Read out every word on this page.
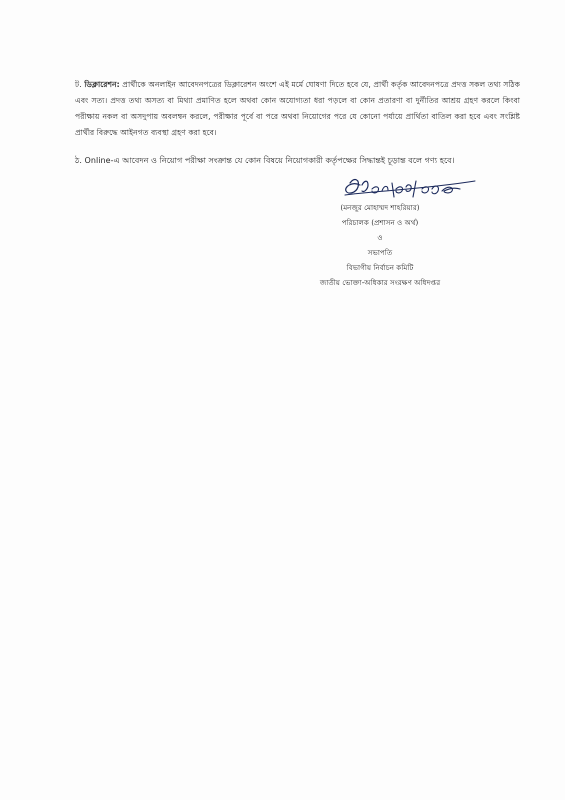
ট. ডিক্লারেশন: প্রার্থীকে অনলাইন আবেদনপত্রের ডিক্লারেশন অংশে এই মর্মে ঘোষণা দিতে হবে যে, প্রার্থী কর্তৃক আবেদনপত্রে প্রদত্ত সকল তথ্য সঠিক এবং সত্য। প্রদত্ত তথ্য অসত্য বা মিথ্যা প্রমাণিত হলে অথবা কোন অযোগ্যতা ধরা পড়লে বা কোন প্রতারণা বা দুর্নীতির আশ্রয় গ্রহণ করলে কিংবা পরীক্ষায় নকল বা অসদুপায় অবলম্বন করলে, পরীক্ষার পূর্বে বা পরে অথবা নিয়োগের পরে যে কোনো পর্যায়ে প্রার্থিতা বাতিল করা হবে এবং সংশ্লিষ্ট প্রার্থীর বিরুদ্ধে আইনগত ব্যবস্থা গ্রহণ করা হবে।

ঠ. Online-এ আবেদন ও নিয়োগ পরীক্ষা সংক্রান্ত যে কোন বিষয়ে নিয়োগকারী কর্তৃপক্ষের সিদ্ধান্তই চূড়ান্ত বলে গণ্য হবে।

(মনজুর মোহাম্মদ শাহরিয়ার)
পরিচালক (প্রশাসন ও অর্থ)
ও
সভাপতি
বিভাগীয় নির্বাচন কমিটি
জাতীয় ভোক্তা-অধিকার সংরক্ষণ অধিদপ্তর
